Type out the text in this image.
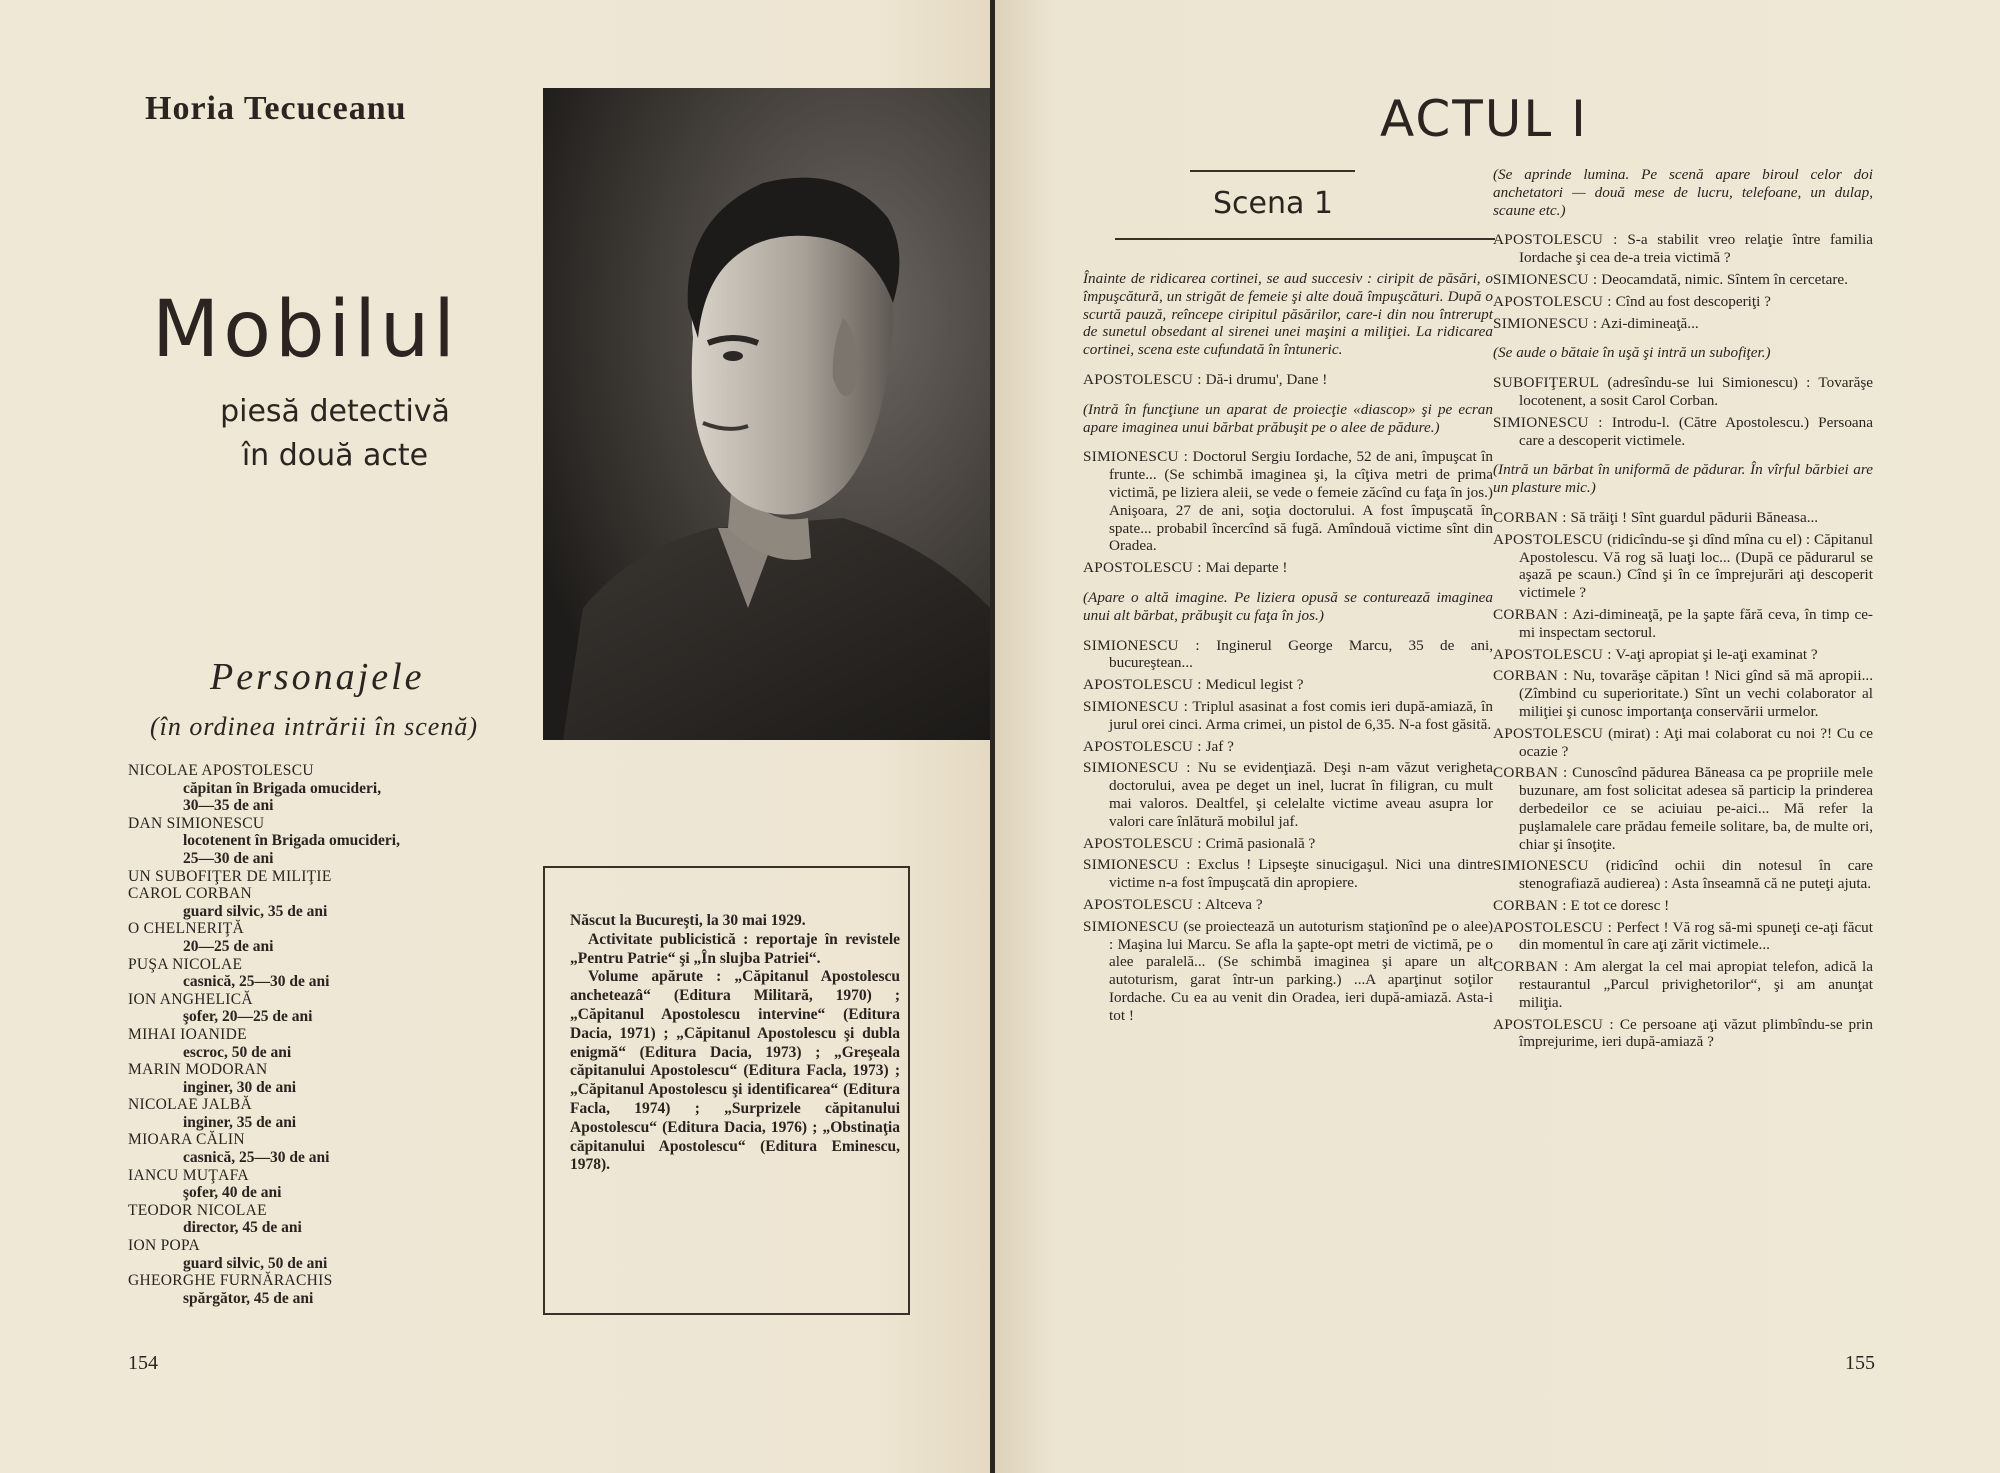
Horia Tecuceanu
Mobilul
piesă detectivă
în două acte
Personajele
(în ordinea intrării în scenă)
NICOLAE APOSTOLESCU
căpitan în Brigada omucideri,
30—35 de ani
DAN SIMIONESCU
locotenent în Brigada omucideri,
25—30 de ani
UN SUBOFIŢER DE MILIŢIE
CAROL CORBAN
guard silvic, 35 de ani
O CHELNERIŢĂ
20—25 de ani
PUŞA NICOLAE
casnică, 25—30 de ani
ION ANGHELICĂ
şofer, 20—25 de ani
MIHAI IOANIDE
escroc, 50 de ani
MARIN MODORAN
inginer, 30 de ani
NICOLAE JALBĂ
inginer, 35 de ani
MIOARA CĂLIN
casnică, 25—30 de ani
IANCU MUŢAFA
şofer, 40 de ani
TEODOR NICOLAE
director, 45 de ani
ION POPA
guard silvic, 50 de ani
GHEORGHE FURNĂRACHIS
spărgător, 45 de ani

Născut la Bucureşti, la 30 mai 1929.

Activitate publicistică : reportaje în revistele „Pentru Patrie“ şi „În slujba Patriei“.

Volume apărute : „Căpitanul Apostolescu ancheteazâ“ (Editura Militară, 1970) ; „Căpitanul Apostolescu intervine“ (Editura Dacia, 1971) ; „Căpitanul Apostolescu şi dubla enigmă“ (Editura Dacia, 1973) ; „Greşeala căpitanului Apostolescu“ (Editura Facla, 1973) ; „Căpitanul Apostolescu şi identificarea“ (Editura Facla, 1974) ; „Surprizele căpitanului Apostolescu“ (Editura Dacia, 1976) ; „Obstinaţia căpitanului Apostolescu“ (Editura Eminescu, 1978).

154
ACTUL I
Scena 1

Înainte de ridicarea cortinei, se aud succesiv : ciripit de păsări, o împuşcătură, un strigăt de femeie şi alte două împuşcături. După o scurtă pauză, reîncepe ciripitul păsărilor, care-i din nou întrerupt de sunetul obsedant al sirenei unei maşini a miliţiei. La ridicarea cortinei, scena este cufundată în întuneric.

APOSTOLESCU : Dă-i drumu', Dane !

(Intră în funcţiune un aparat de proiecţie «diascop» şi pe ecran apare imaginea unui bărbat prăbuşit pe o alee de pădure.)

SIMIONESCU : Doctorul Sergiu Iordache, 52 de ani, împuşcat în frunte... (Se schimbă imaginea şi, la cîţiva metri de prima victimă, pe liziera aleii, se vede o femeie zăcînd cu faţa în jos.) Anişoara, 27 de ani, soţia doctorului. A fost împuşcată în spate... probabil încercînd să fugă. Amîndouă victime sînt din Oradea.

APOSTOLESCU : Mai departe !

(Apare o altă imagine. Pe liziera opusă se conturează imaginea unui alt bărbat, prăbuşit cu faţa în jos.)

SIMIONESCU : Inginerul George Marcu, 35 de ani, bucureştean...

APOSTOLESCU : Medicul legist ?

SIMIONESCU : Triplul asasinat a fost comis ieri după-amiază, în jurul orei cinci. Arma crimei, un pistol de 6,35. N-a fost găsită.

APOSTOLESCU : Jaf ?

SIMIONESCU : Nu se evidenţiază. Deşi n-am văzut verigheta doctorului, avea pe deget un inel, lucrat în filigran, cu mult mai valoros. Dealtfel, şi celelalte victime aveau asupra lor valori care înlătură mobilul jaf.

APOSTOLESCU : Crimă pasională ?

SIMIONESCU : Exclus ! Lipseşte sinucigaşul. Nici una dintre victime n-a fost împuşcată din apropiere.

APOSTOLESCU : Altceva ?

SIMIONESCU (se proiectează un autoturism staţionînd pe o alee) : Maşina lui Marcu. Se afla la şapte-opt metri de victimă, pe o alee paralelă... (Se schimbă imaginea şi apare un alt autoturism, garat într-un parking.) ...A aparţinut soţilor Iordache. Cu ea au venit din Oradea, ieri după-amiază. Asta-i tot !

(Se aprinde lumina. Pe scenă apare biroul celor doi anchetatori — două mese de lucru, telefoane, un dulap, scaune etc.)

APOSTOLESCU : S-a stabilit vreo relaţie între familia Iordache şi cea de-a treia victimă ?

SIMIONESCU : Deocamdată, nimic. Sîntem în cercetare.

APOSTOLESCU : Cînd au fost descoperiţi ?

SIMIONESCU : Azi-dimineaţă...

(Se aude o bătaie în uşă şi intră un subofiţer.)

SUBOFIŢERUL (adresîndu-se lui Simionescu) : Tovarăşe locotenent, a sosit Carol Corban.

SIMIONESCU : Introdu-l. (Către Apostolescu.) Persoana care a descoperit victimele.

(Intră un bărbat în uniformă de pădurar. În vîrful bărbiei are un plasture mic.)

CORBAN : Să trăiţi ! Sînt guardul pădurii Băneasa...

APOSTOLESCU (ridicîndu-se şi dînd mîna cu el) : Căpitanul Apostolescu. Vă rog să luaţi loc... (După ce pădurarul se aşază pe scaun.) Cînd şi în ce împrejurări aţi descoperit victimele ?

CORBAN : Azi-dimineaţă, pe la şapte fără ceva, în timp ce-mi inspectam sectorul.

APOSTOLESCU : V-aţi apropiat şi le-aţi examinat ?

CORBAN : Nu, tovarăşe căpitan ! Nici gînd să mă apropii... (Zîmbind cu superioritate.) Sînt un vechi colaborator al miliţiei şi cunosc importanţa conservării urmelor.

APOSTOLESCU (mirat) : Aţi mai colaborat cu noi ?! Cu ce ocazie ?

CORBAN : Cunoscînd pădurea Băneasa ca pe propriile mele buzunare, am fost solicitat adesea să particip la prinderea derbedeilor ce se aciuiau pe-aici... Mă refer la puşlamalele care prădau femeile solitare, ba, de multe ori, chiar şi însoţite.

SIMIONESCU (ridicînd ochii din notesul în care stenografiază audierea) : Asta înseamnă că ne puteţi ajuta.

CORBAN : E tot ce doresc !

APOSTOLESCU : Perfect ! Vă rog să-mi spuneţi ce-aţi făcut din momentul în care aţi zărit victimele...

CORBAN : Am alergat la cel mai apropiat telefon, adică la restaurantul „Parcul privighetorilor“, şi am anunţat miliţia.

APOSTOLESCU : Ce persoane aţi văzut plimbîndu-se prin împrejurime, ieri după-amiază ?

155
